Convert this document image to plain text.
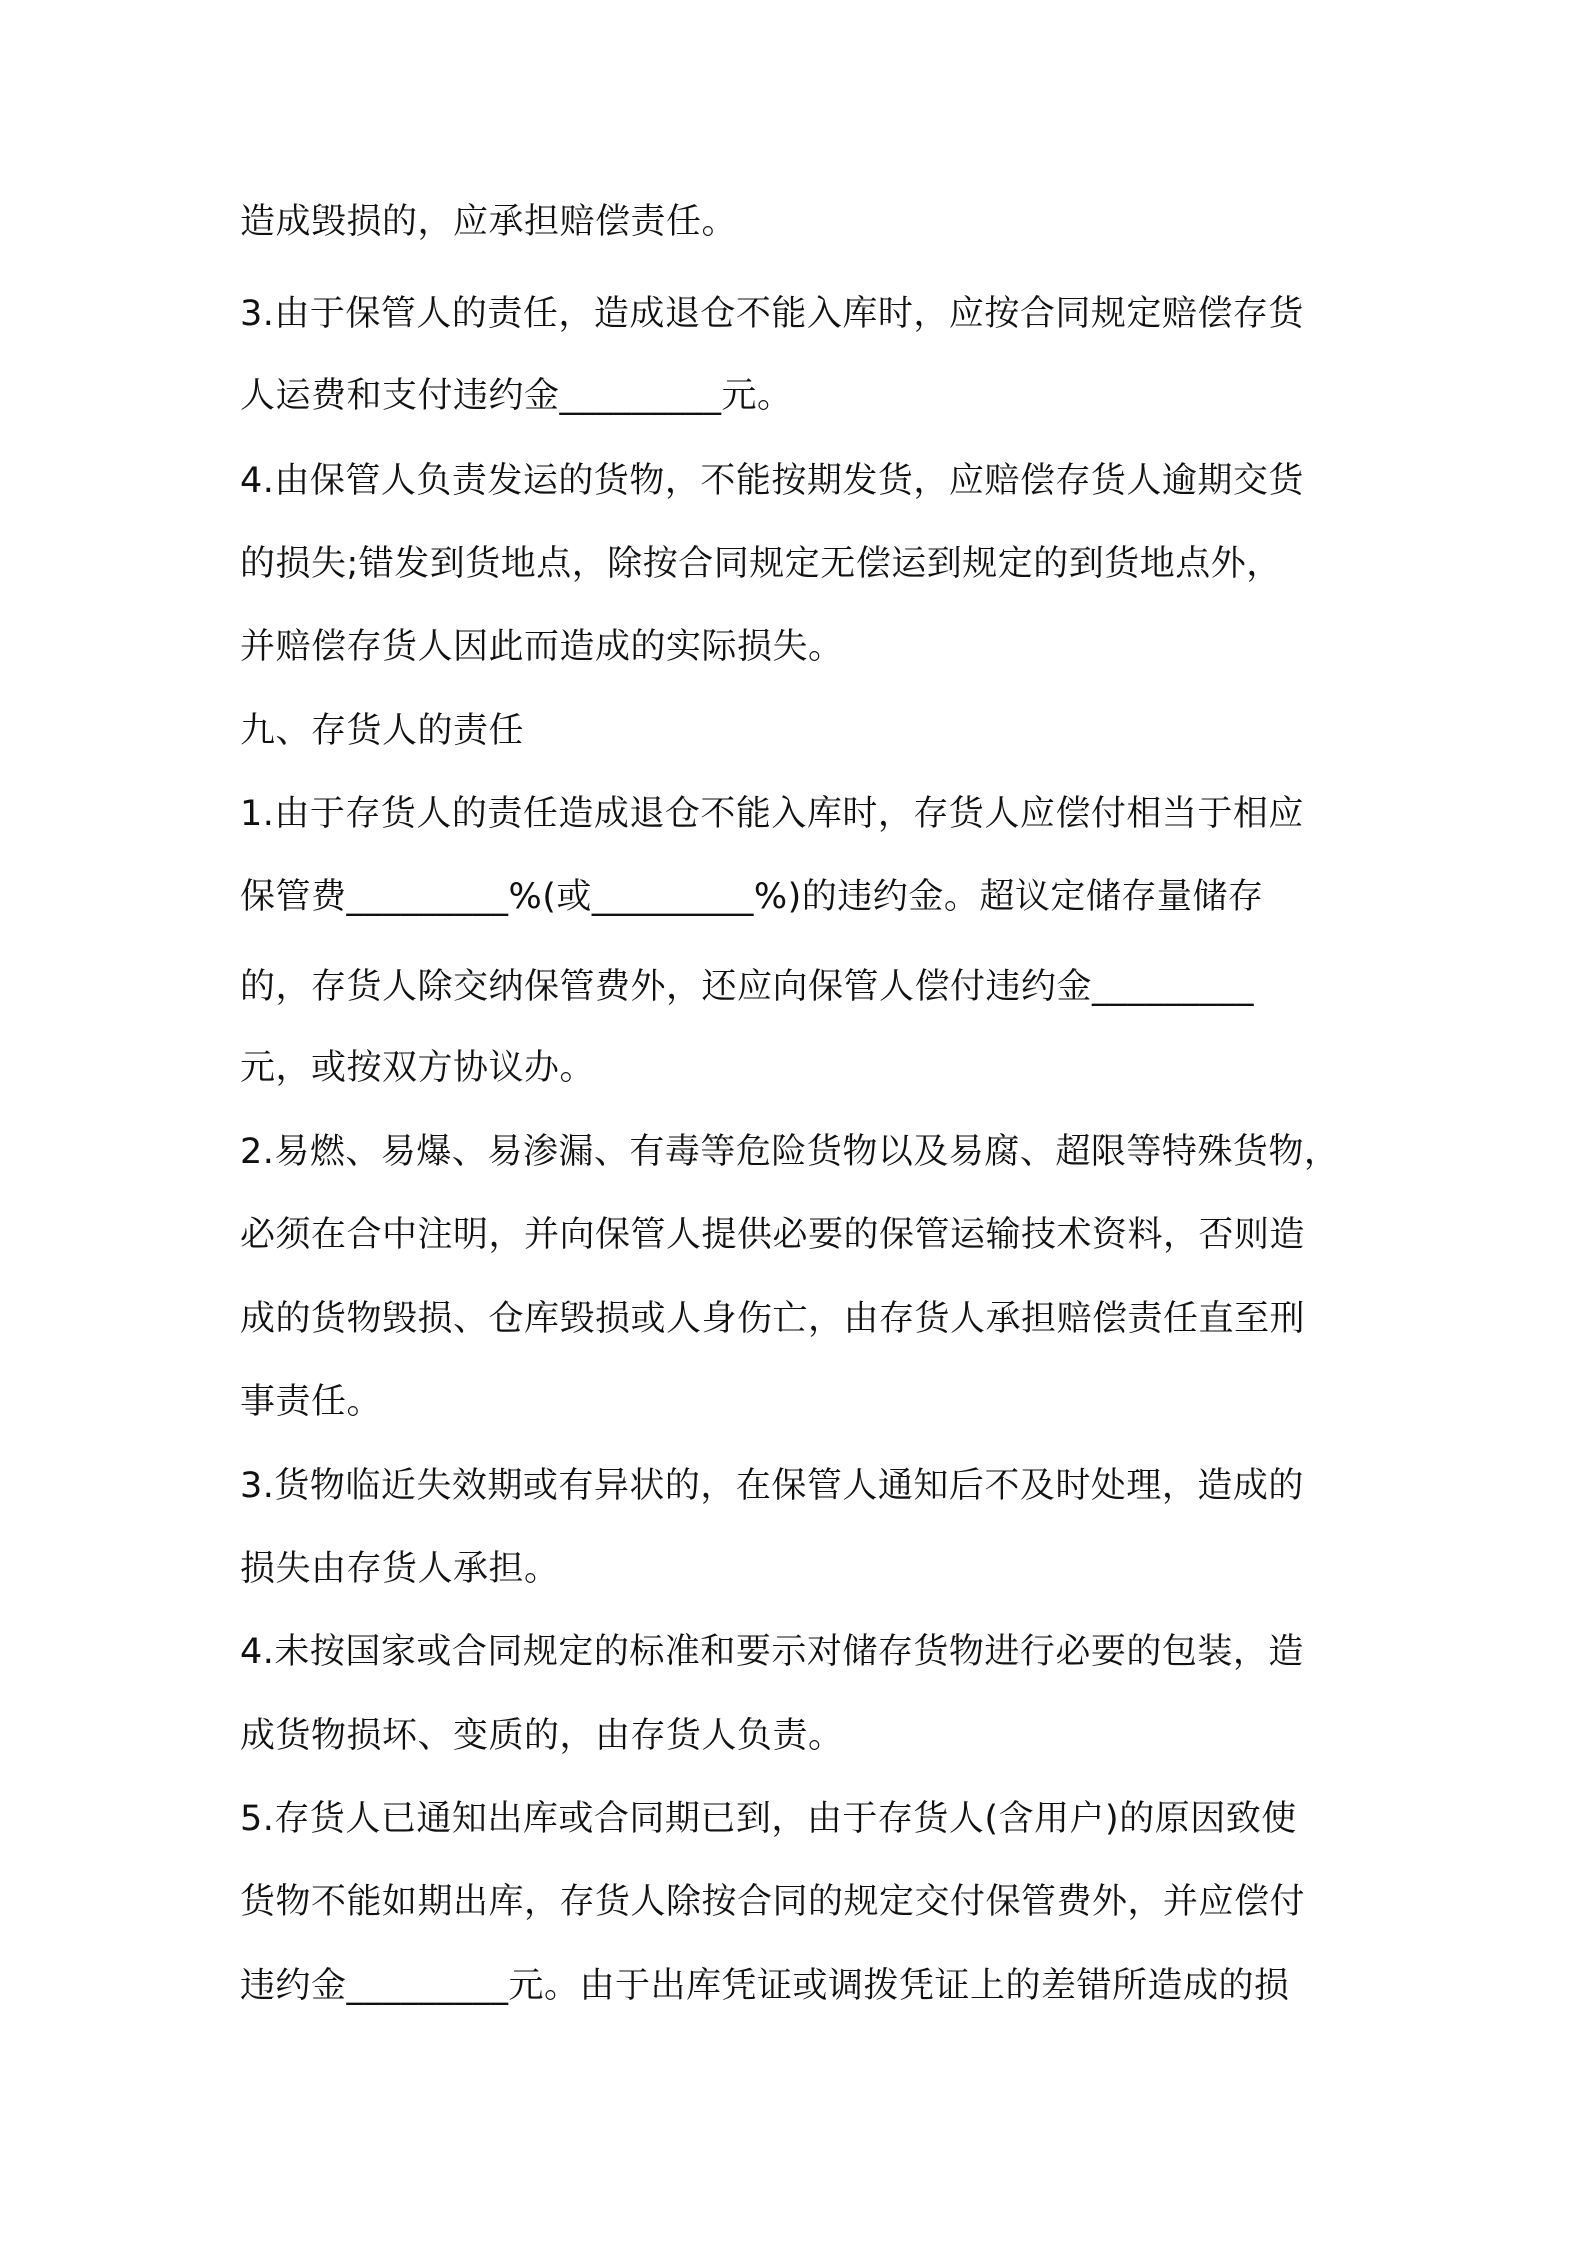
造成毁损的，应承担赔偿责任。
3.由于保管人的责任，造成退仓不能入库时，应按合同规定赔偿存货
人运费和支付违约金_________元。
4.由保管人负责发运的货物，不能按期发货，应赔偿存货人逾期交货
的损失;错发到货地点，除按合同规定无偿运到规定的到货地点外，
并赔偿存货人因此而造成的实际损失。
九、存货人的责任
1.由于存货人的责任造成退仓不能入库时，存货人应偿付相当于相应
保管费_________%(或_________%)的违约金。超议定储存量储存
的，存货人除交纳保管费外，还应向保管人偿付违约金_________
元，或按双方协议办。
2.易燃、易爆、易渗漏、有毒等危险货物以及易腐、超限等特殊货物，
必须在合中注明，并向保管人提供必要的保管运输技术资料，否则造
成的货物毁损、仓库毁损或人身伤亡，由存货人承担赔偿责任直至刑
事责任。
3.货物临近失效期或有异状的，在保管人通知后不及时处理，造成的
损失由存货人承担。
4.未按国家或合同规定的标准和要示对储存货物进行必要的包装，造
成货物损坏、变质的，由存货人负责。
5.存货人已通知出库或合同期已到，由于存货人(含用户)的原因致使
货物不能如期出库，存货人除按合同的规定交付保管费外，并应偿付
违约金_________元。由于出库凭证或调拨凭证上的差错所造成的损
